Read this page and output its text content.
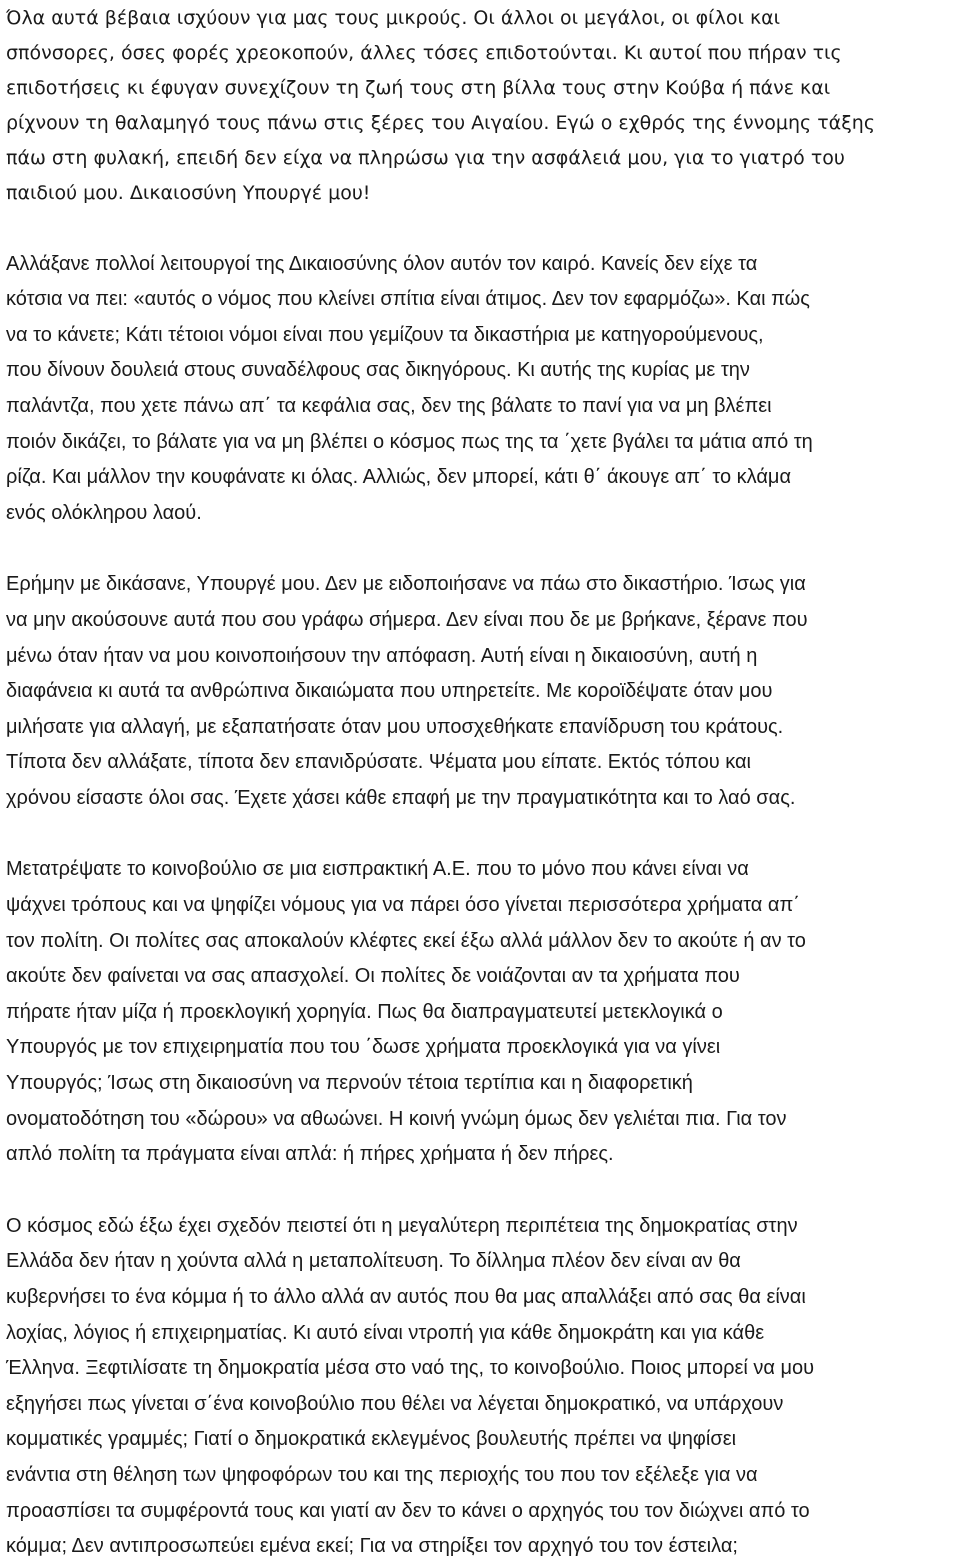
Όλα αυτά βέβαια ισχύουν για μας τους μικρούς. Οι άλλοι οι μεγάλοι, οι φίλοι και
σπόνσορες, όσες φορές χρεοκοπούν, άλλες τόσες επιδοτούνται. Κι αυτοί που πήραν τις
επιδοτήσεις κι έφυγαν συνεχίζουν τη ζωή τους στη βίλλα τους στην Κούβα ή πάνε και
ρίχνουν τη θαλαμηγό τους πάνω στις ξέρες του Αιγαίου. Εγώ ο εχθρός της έννομης τάξης
πάω στη φυλακή, επειδή δεν είχα να πληρώσω για την ασφάλειά μου, για το γιατρό του
παιδιού μου. Δικαιοσύνη Υπουργέ μου!

Αλλάξανε πολλοί λειτουργοί της Δικαιοσύνης όλον αυτόν τον καιρό. Κανείς δεν είχε τα
κότσια να πει: «αυτός ο νόμος που κλείνει σπίτια είναι άτιμος. Δεν τον εφαρμόζω». Και πώς
να το κάνετε; Κάτι τέτοιοι νόμοι είναι που γεμίζουν τα δικαστήρια με κατηγορούμενους,
που δίνουν δουλειά στους συναδέλφους σας δικηγόρους. Κι αυτής της κυρίας με την
παλάντζα, που χετε πάνω απ΄ τα κεφάλια σας, δεν της βάλατε το πανί για να μη βλέπει
ποιόν δικάζει, το βάλατε για να μη βλέπει ο κόσμος πως της τα ΄χετε βγάλει τα μάτια από τη
ρίζα. Και μάλλον την κουφάνατε κι όλας. Αλλιώς, δεν μπορεί, κάτι θ΄ άκουγε απ΄ το κλάμα
ενός ολόκληρου λαού.

Ερήμην με δικάσανε, Υπουργέ μου. Δεν με ειδοποιήσανε να πάω στο δικαστήριο. Ίσως για
να μην ακούσουνε αυτά που σου γράφω σήμερα. Δεν είναι που δε με βρήκανε, ξέρανε που
μένω όταν ήταν να μου κοινοποιήσουν την απόφαση. Αυτή είναι η δικαιοσύνη, αυτή η
διαφάνεια κι αυτά τα ανθρώπινα δικαιώματα που υπηρετείτε. Με κοροϊδέψατε όταν μου
μιλήσατε για αλλαγή, με εξαπατήσατε όταν μου υποσχεθήκατε επανίδρυση του κράτους.
Τίποτα δεν αλλάξατε, τίποτα δεν επανιδρύσατε. Ψέματα μου είπατε. Εκτός τόπου και
χρόνου είσαστε όλοι σας. Έχετε χάσει κάθε επαφή με την πραγματικότητα και το λαό σας.

Μετατρέψατε το κοινοβούλιο σε μια εισπρακτική Α.Ε. που το μόνο που κάνει είναι να
ψάχνει τρόπους και να ψηφίζει νόμους για να πάρει όσο γίνεται περισσότερα χρήματα απ΄
τον πολίτη. Οι πολίτες σας αποκαλούν κλέφτες εκεί έξω αλλά μάλλον δεν το ακούτε ή αν το
ακούτε δεν φαίνεται να σας απασχολεί. Οι πολίτες δε νοιάζονται αν τα χρήματα που
πήρατε ήταν μίζα ή προεκλογική χορηγία. Πως θα διαπραγματευτεί μετεκλογικά ο
Υπουργός με τον επιχειρηματία που του ΄δωσε χρήματα προεκλογικά για να γίνει
Υπουργός; Ίσως στη δικαιοσύνη να περνούν τέτοια τερτίπια και η διαφορετική
ονοματοδότηση του «δώρου» να αθωώνει. Η κοινή γνώμη όμως δεν γελιέται πια. Για τον
απλό πολίτη τα πράγματα είναι απλά: ή πήρες χρήματα ή δεν πήρες.

Ο κόσμος εδώ έξω έχει σχεδόν πειστεί ότι η μεγαλύτερη περιπέτεια της δημοκρατίας στην
Ελλάδα δεν ήταν η χούντα αλλά η μεταπολίτευση. Το δίλλημα πλέον δεν είναι αν θα
κυβερνήσει το ένα κόμμα ή το άλλο αλλά αν αυτός που θα μας απαλλάξει από σας θα είναι
λοχίας, λόγιος ή επιχειρηματίας. Κι αυτό είναι ντροπή για κάθε δημοκράτη και για κάθε
Έλληνα. Ξεφτιλίσατε τη δημοκρατία μέσα στο ναό της, το κοινοβούλιο. Ποιος μπορεί να μου
εξηγήσει πως γίνεται σ΄ένα κοινοβούλιο που θέλει να λέγεται δημοκρατικό, να υπάρχουν
κομματικές γραμμές; Γιατί ο δημοκρατικά εκλεγμένος βουλευτής πρέπει να ψηφίσει
ενάντια στη θέληση των ψηφοφόρων του και της περιοχής του που τον εξέλεξε για να
προασπίσει τα συμφέροντά τους και γιατί αν δεν το κάνει ο αρχηγός του τον διώχνει από το
κόμμα; Δεν αντιπροσωπεύει εμένα εκεί; Για να στηρίξει τον αρχηγό του τον έστειλα;
